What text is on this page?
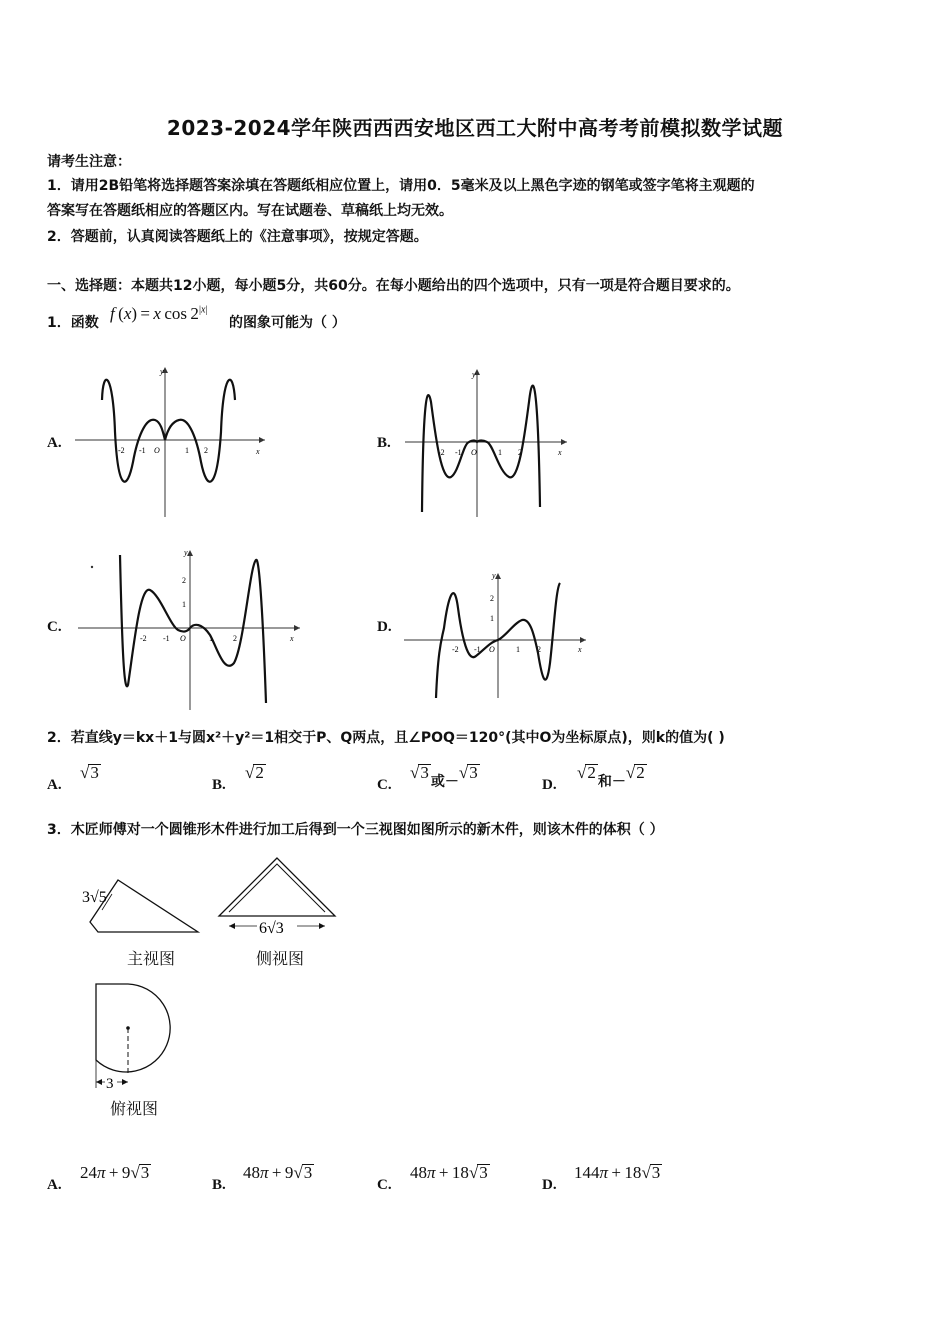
2023-2024学年陕西西西安地区西工大附中高考考前模拟数学试题
请考生注意：
1．请用2B铅笔将选择题答案涂填在答题纸相应位置上，请用0．5毫米及以上黑色字迹的钢笔或签字笔将主观题的
答案写在答题纸相应的答题区内。写在试题卷、草稿纸上均无效。
2．答题前，认真阅读答题纸上的《注意事项》，按规定答题。
一、选择题：本题共12小题，每小题5分，共60分。在每小题给出的四个选项中，只有一项是符合题目要求的。
1．函数 f (x) = x $\cos 2^{|x|}$
的图象可能为（ ）
A.	B.
C.	D.
y
x
O
-2 -1	1 2
y
x
O
-2 -1	1 2
y
x
O
2
1
-2 -1	1	2
y
x
O
2
1
-2 -1	1 2
2．若直线y＝kx＋1与圆x²＋y²＝1相交于P、Q两点，且∠POQ＝120°(其中O为坐标原点)，则k的值为( )
A.
√3
B.
√2
C.
√3 $_{或-}$√3
D.
√2 $_{和-}$√2
3．木匠师傅对一个圆锥形木件进行加工后得到一个三视图如图所示的新木件，则该木件的体积（ ）
3√5
主视图
6√3
侧视图
3
俯视图
A.
24π + 9√3
B.
48π + 9√3
C.
48π + 18√3
D.
144π + 18√3
